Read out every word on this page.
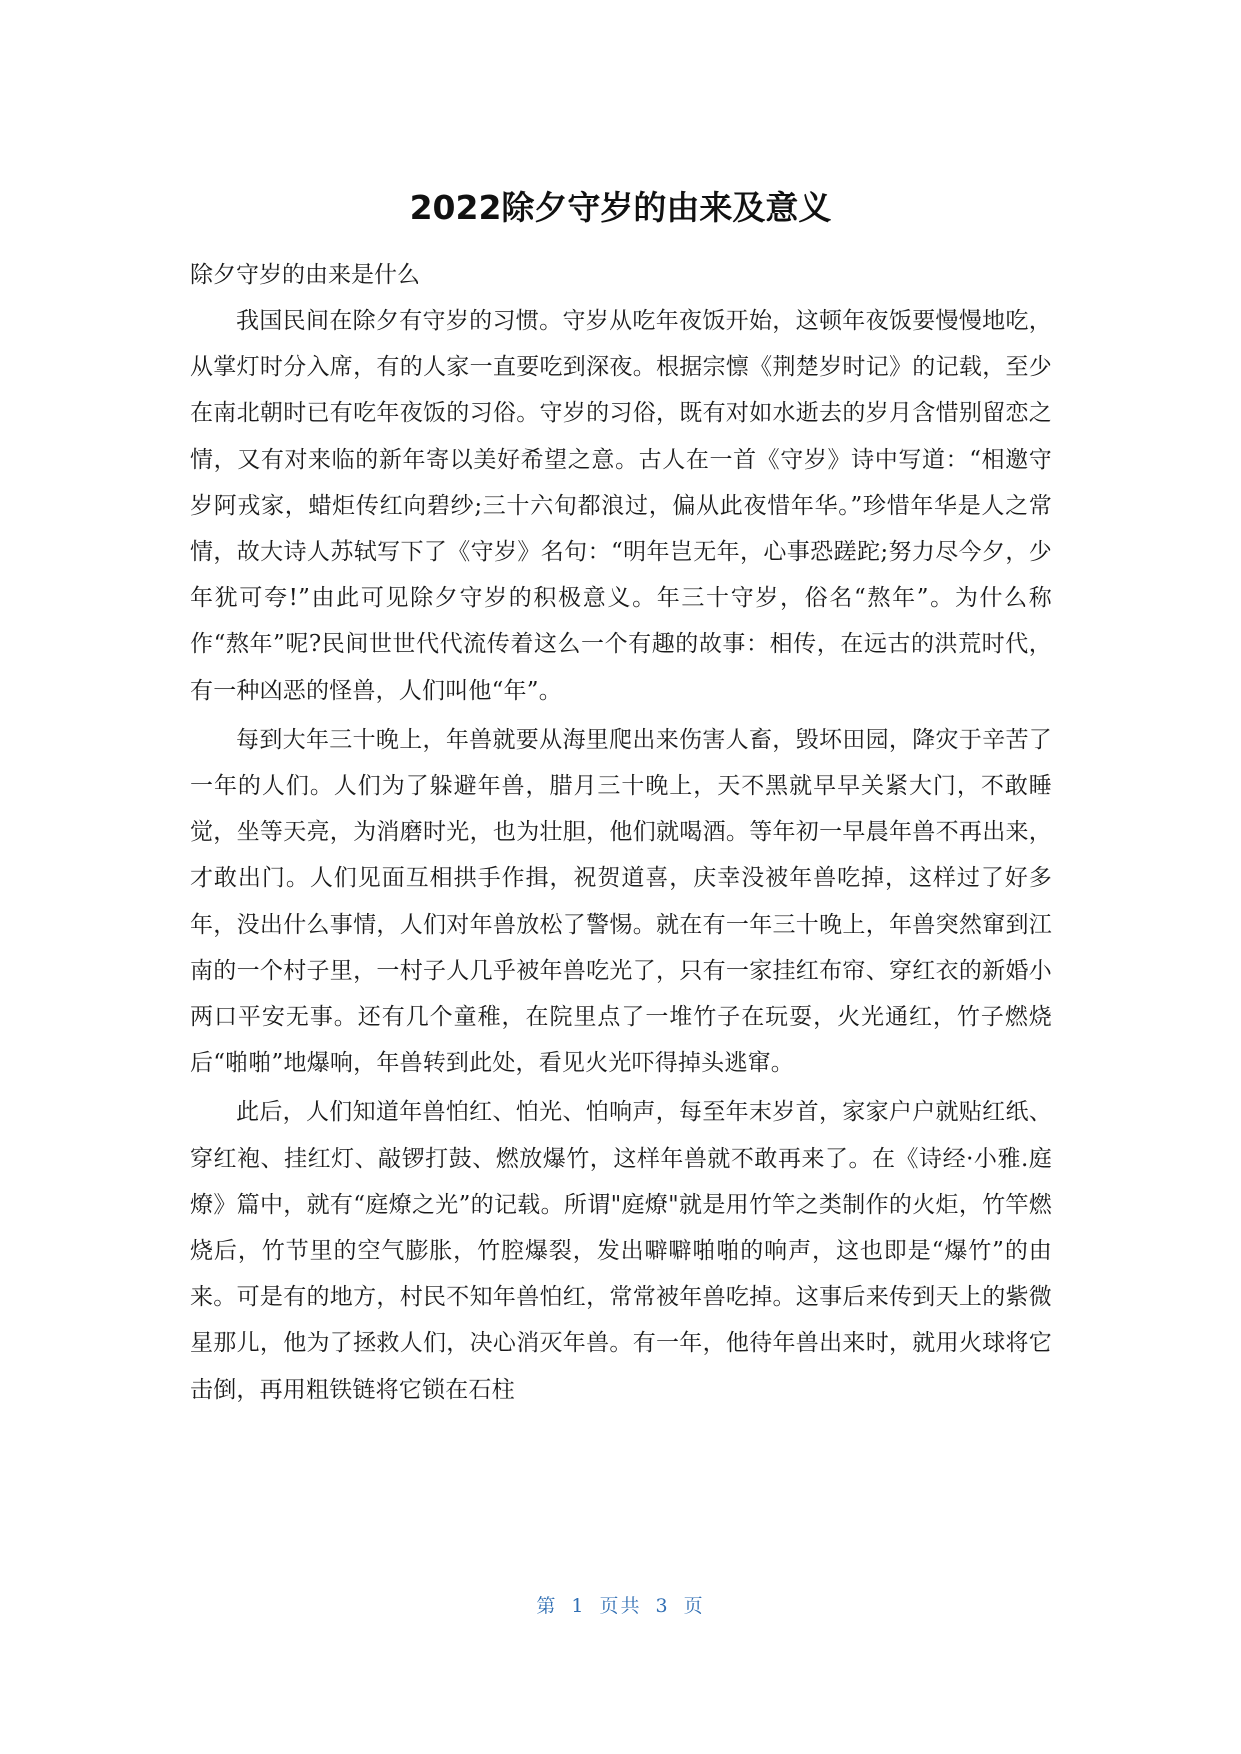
2022除夕守岁的由来及意义

除夕守岁的由来是什么

我国民间在除夕有守岁的习惯。守岁从吃年夜饭开始，这顿年夜饭要慢慢地吃，从掌灯时分入席，有的人家一直要吃到深夜。根据宗懔《荆楚岁时记》的记载，至少在南北朝时已有吃年夜饭的习俗。守岁的习俗，既有对如水逝去的岁月含惜别留恋之情，又有对来临的新年寄以美好希望之意。古人在一首《守岁》诗中写道：“相邀守岁阿戎家，蜡炬传红向碧纱;三十六旬都浪过，偏从此夜惜年华。”珍惜年华是人之常情，故大诗人苏轼写下了《守岁》名句：“明年岂无年，心事恐蹉跎;努力尽今夕，少年犹可夸!”由此可见除夕守岁的积极意义。年三十守岁，俗名“熬年”。为什么称作“熬年”呢?民间世世代代流传着这么一个有趣的故事：相传，在远古的洪荒时代，有一种凶恶的怪兽，人们叫他“年”。

每到大年三十晚上，年兽就要从海里爬出来伤害人畜，毁坏田园，降灾于辛苦了一年的人们。人们为了躲避年兽，腊月三十晚上，天不黑就早早关紧大门，不敢睡觉，坐等天亮，为消磨时光，也为壮胆，他们就喝酒。等年初一早晨年兽不再出来，才敢出门。人们见面互相拱手作揖，祝贺道喜，庆幸没被年兽吃掉，这样过了好多年，没出什么事情，人们对年兽放松了警惕。就在有一年三十晚上，年兽突然窜到江南的一个村子里，一村子人几乎被年兽吃光了，只有一家挂红布帘、穿红衣的新婚小两口平安无事。还有几个童稚，在院里点了一堆竹子在玩耍，火光通红，竹子燃烧后“啪啪”地爆响，年兽转到此处，看见火光吓得掉头逃窜。

此后，人们知道年兽怕红、怕光、怕响声，每至年末岁首，家家户户就贴红纸、穿红袍、挂红灯、敲锣打鼓、燃放爆竹，这样年兽就不敢再来了。在《诗经·小雅.庭燎》篇中，就有“庭燎之光”的记载。所谓"庭燎"就是用竹竿之类制作的火炬，竹竿燃烧后，竹节里的空气膨胀，竹腔爆裂，发出噼噼啪啪的响声，这也即是“爆竹”的由来。可是有的地方，村民不知年兽怕红，常常被年兽吃掉。这事后来传到天上的紫微星那儿，他为了拯救人们，决心消灭年兽。有一年，他待年兽出来时，就用火球将它击倒，再用粗铁链将它锁在石柱

第 1 页共 3 页
